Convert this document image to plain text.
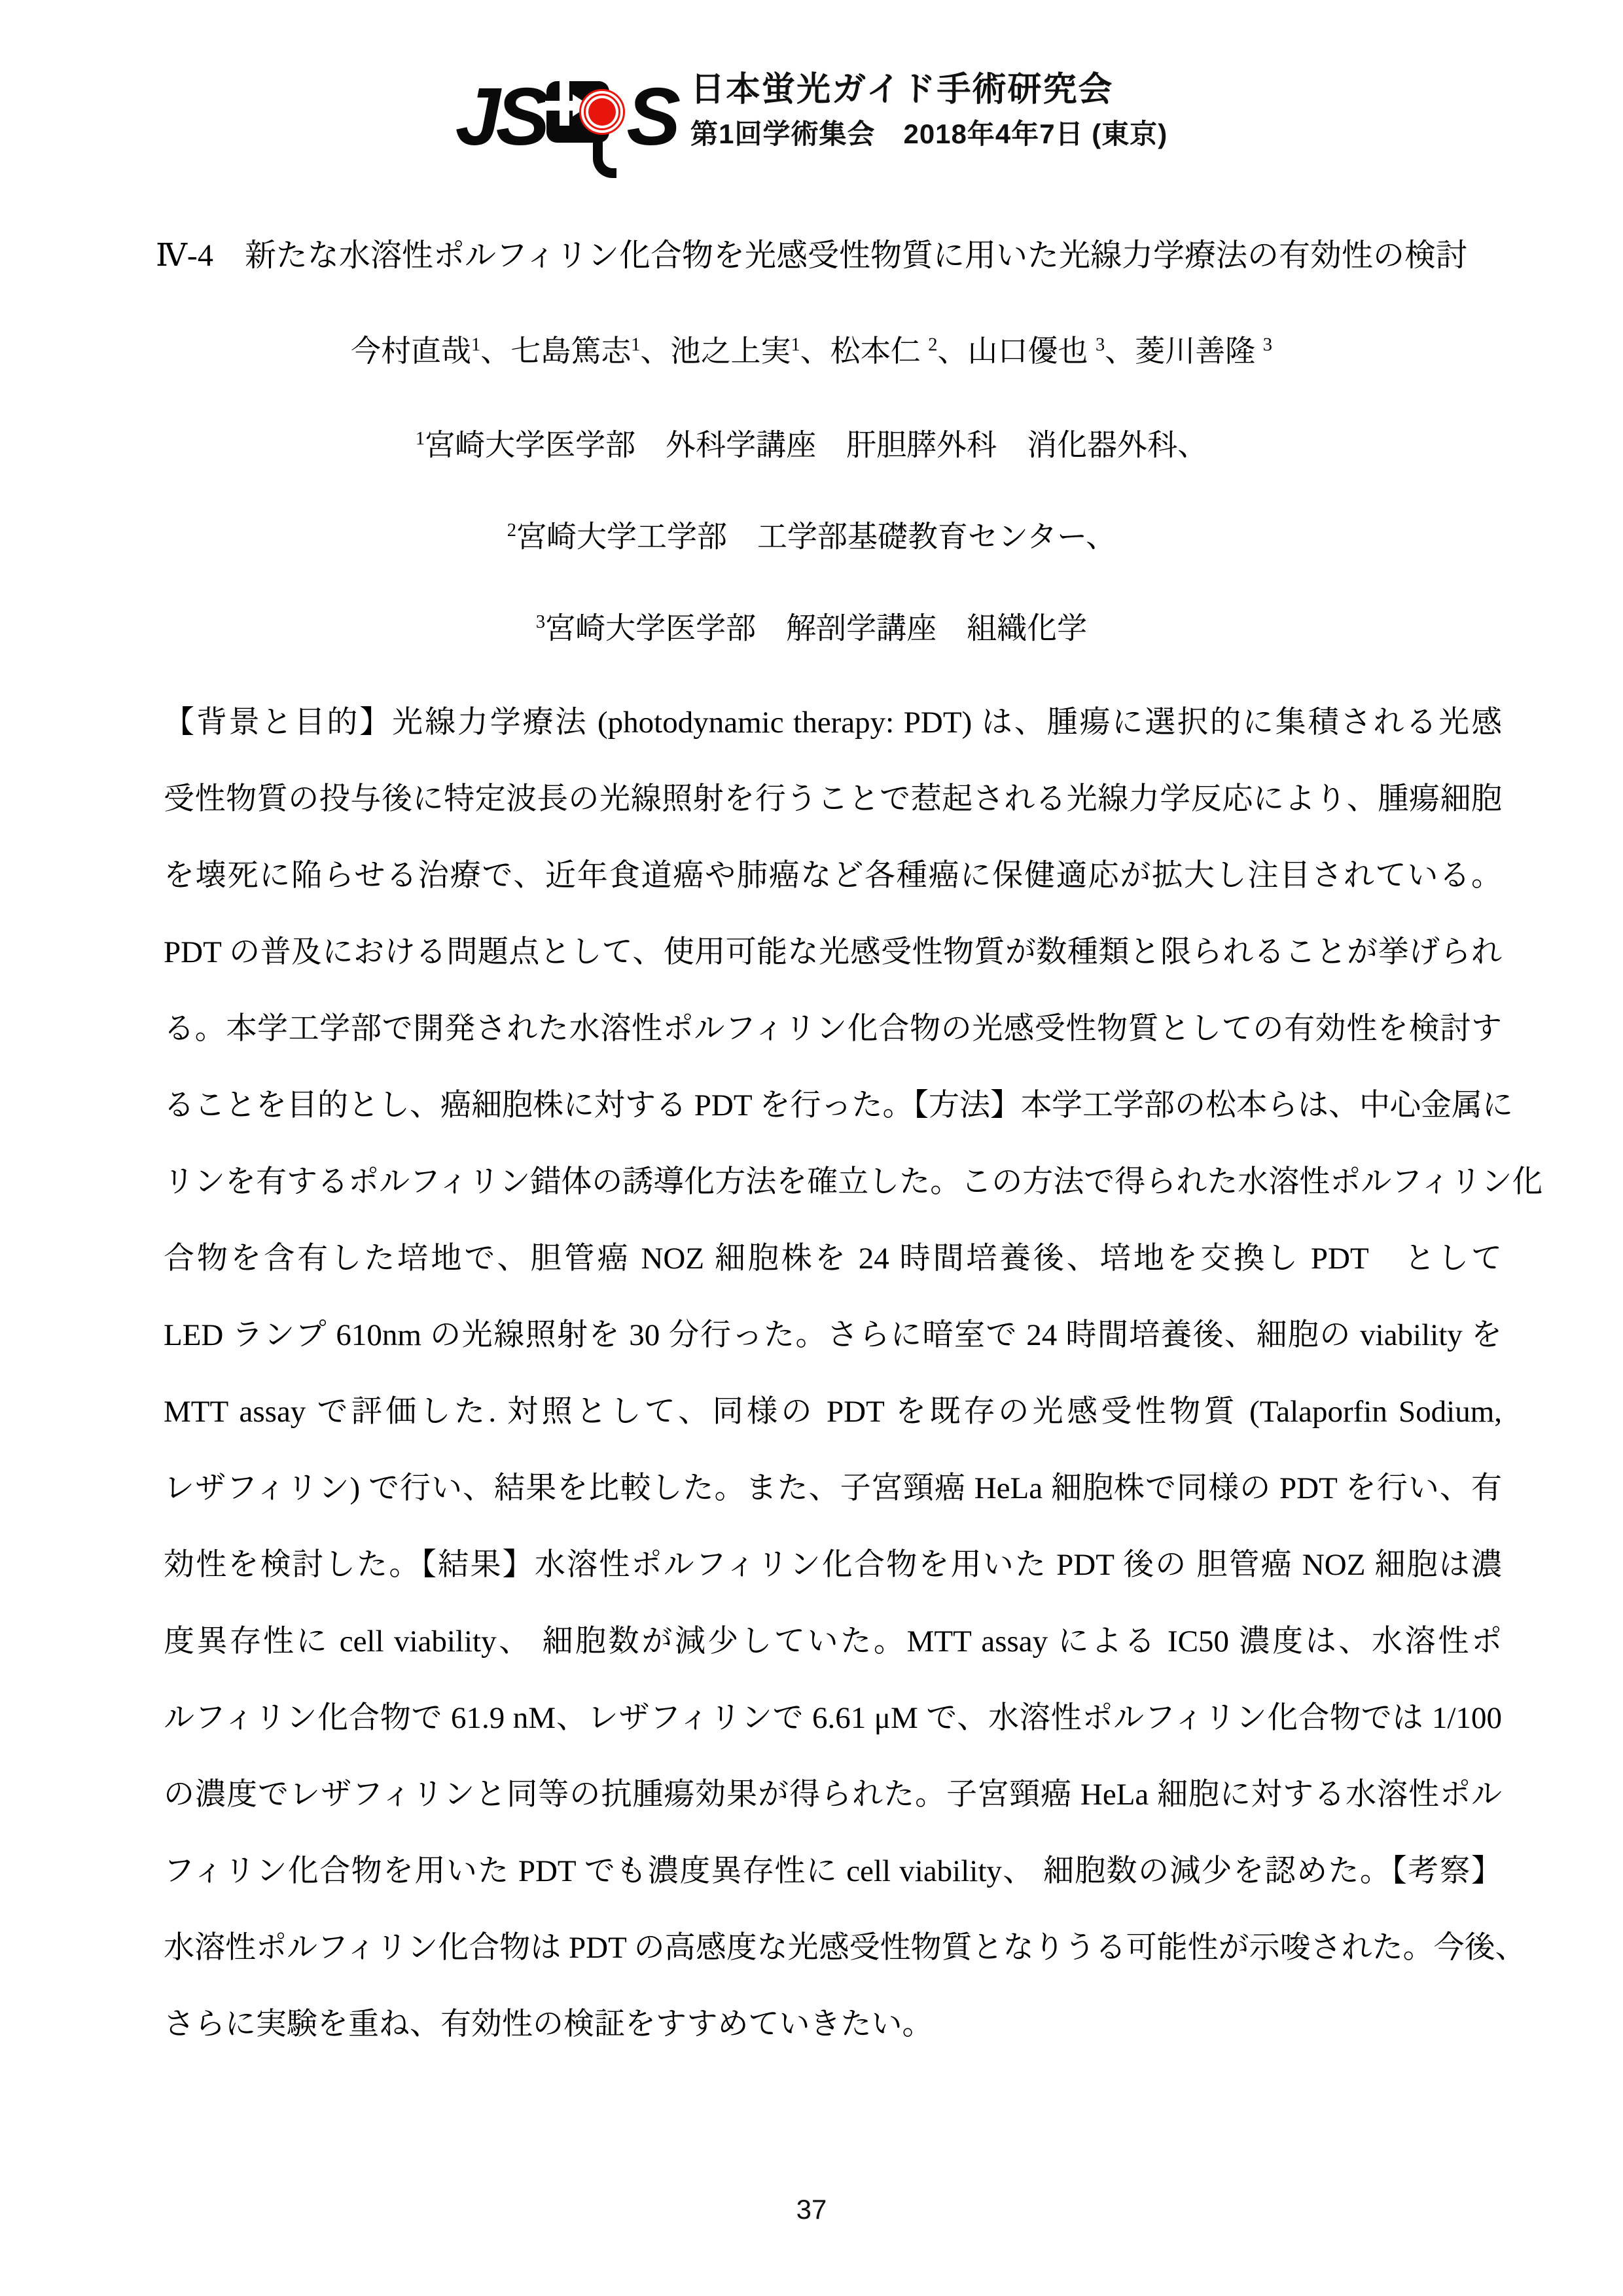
JS S 日本蛍光ガイド手術研究会
第1回学術集会　2018年4年7日 (東京)
Ⅳ-4　新たな水溶性ポルフィリン化合物を光感受性物質に用いた光線力学療法の有効性の検討
今村直哉$^1$、七島篤志$^1$、池之上実$^1$、松本仁 $^2$、山口優也 $^3$、菱川善隆 $^3$
$^1$宮崎大学医学部　外科学講座　肝胆膵外科　消化器外科、
$^2$宮崎大学工学部　工学部基礎教育センター、
$^3$宮崎大学医学部　解剖学講座　組織化学
【背景と目的】光線力学療法 (photodynamic therapy: PDT) は、腫瘍に選択的に集積される光感
受性物質の投与後に特定波長の光線照射を行うことで惹起される光線力学反応により、腫瘍細胞
を壊死に陥らせる治療で、近年食道癌や肺癌など各種癌に保健適応が拡大し注目されている。
PDT の普及における問題点として、使用可能な光感受性物質が数種類と限られることが挙げられ
る。本学工学部で開発された水溶性ポルフィリン化合物の光感受性物質としての有効性を検討す
ることを目的とし、癌細胞株に対する PDT を行った。【方法】本学工学部の松本らは、中心金属に
リンを有するポルフィリン錯体の誘導化方法を確立した。この方法で得られた水溶性ポルフィリン化
合物を含有した培地で、胆管癌 NOZ 細胞株を 24 時間培養後、培地を交換し PDT　として
LED ランプ 610nm の光線照射を 30 分行った。さらに暗室で 24 時間培養後、細胞の viability を
MTT assay で評価した. 対照として、同様の PDT を既存の光感受性物質 (Talaporfin Sodium,
レザフィリン) で行い、結果を比較した。また、子宮頸癌 HeLa 細胞株で同様の PDT を行い、有
効性を検討した。【結果】水溶性ポルフィリン化合物を用いた PDT 後の 胆管癌 NOZ 細胞は濃
度異存性に cell viability、 細胞数が減少していた。MTT assay による IC50 濃度は、水溶性ポ
ルフィリン化合物で 61.9 nM、レザフィリンで 6.61 μM で、水溶性ポルフィリン化合物では 1/100
の濃度でレザフィリンと同等の抗腫瘍効果が得られた。子宮頸癌 HeLa 細胞に対する水溶性ポル
フィリン化合物を用いた PDT でも濃度異存性に cell viability、 細胞数の減少を認めた。【考察】
水溶性ポルフィリン化合物は PDT の高感度な光感受性物質となりうる可能性が示唆された。今後、
さらに実験を重ね、有効性の検証をすすめていきたい。
37
